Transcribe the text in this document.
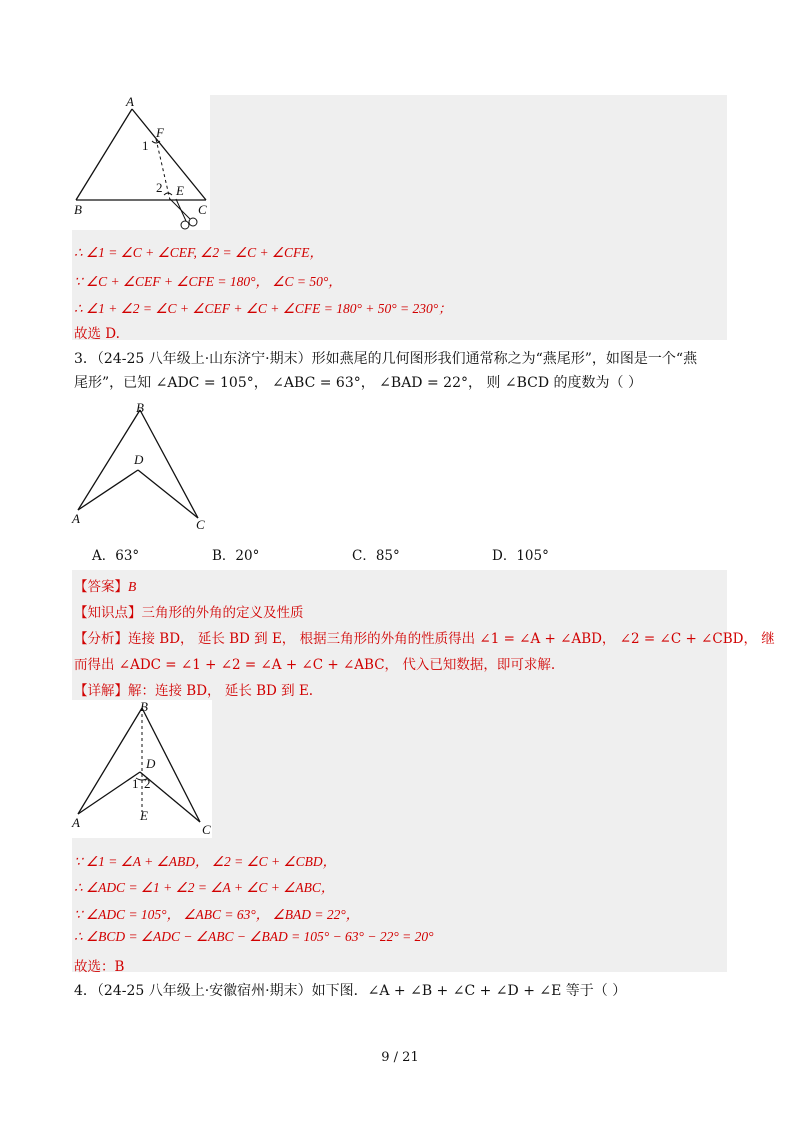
A
F
1
2 E
B	C
∴ ∠1 = ∠C + ∠CEF, ∠2 = ∠C + ∠CFE，
∵ ∠C + ∠CEF + ∠CFE = 180°， ∠C = 50°，
∴ ∠1 + ∠2 = ∠C + ∠CEF + ∠C + ∠CFE = 180° + 50° = 230°；
故选 D.
3．（24-25 八年级上·山东济宁·期末）形如燕尾的几何图形我们通常称之为“燕尾形”，如图是一个“燕
尾形”，已知 ∠ADC = 105°， ∠ABC = 63°， ∠BAD = 22°， 则 ∠BCD 的度数为（ ）
B
D
A	C
A．63°	B．20°	C．85°	D．105°
【答案】B
【知识点】三角形的外角的定义及性质
【分析】连接 BD， 延长 BD 到 E， 根据三角形的外角的性质得出 ∠1 = ∠A + ∠ABD， ∠2 = ∠C + ∠CBD， 继
而得出 ∠ADC = ∠1 + ∠2 = ∠A + ∠C + ∠ABC， 代入已知数据，即可求解.
【详解】解：连接 BD， 延长 BD 到 E.
B
D
1 2
E
A	C
∵ ∠1 = ∠A + ∠ABD， ∠2 = ∠C + ∠CBD，
∴ ∠ADC = ∠1 + ∠2 = ∠A + ∠C + ∠ABC，
∵ ∠ADC = 105°， ∠ABC = 63°， ∠BAD = 22°，
∴ ∠BCD = ∠ADC − ∠ABC − ∠BAD = 105° − 63° − 22° = 20°
故选：B
4．（24-25 八年级上·安徽宿州·期末）如下图．∠A + ∠B + ∠C + ∠D + ∠E 等于（ ）
9 / 21
